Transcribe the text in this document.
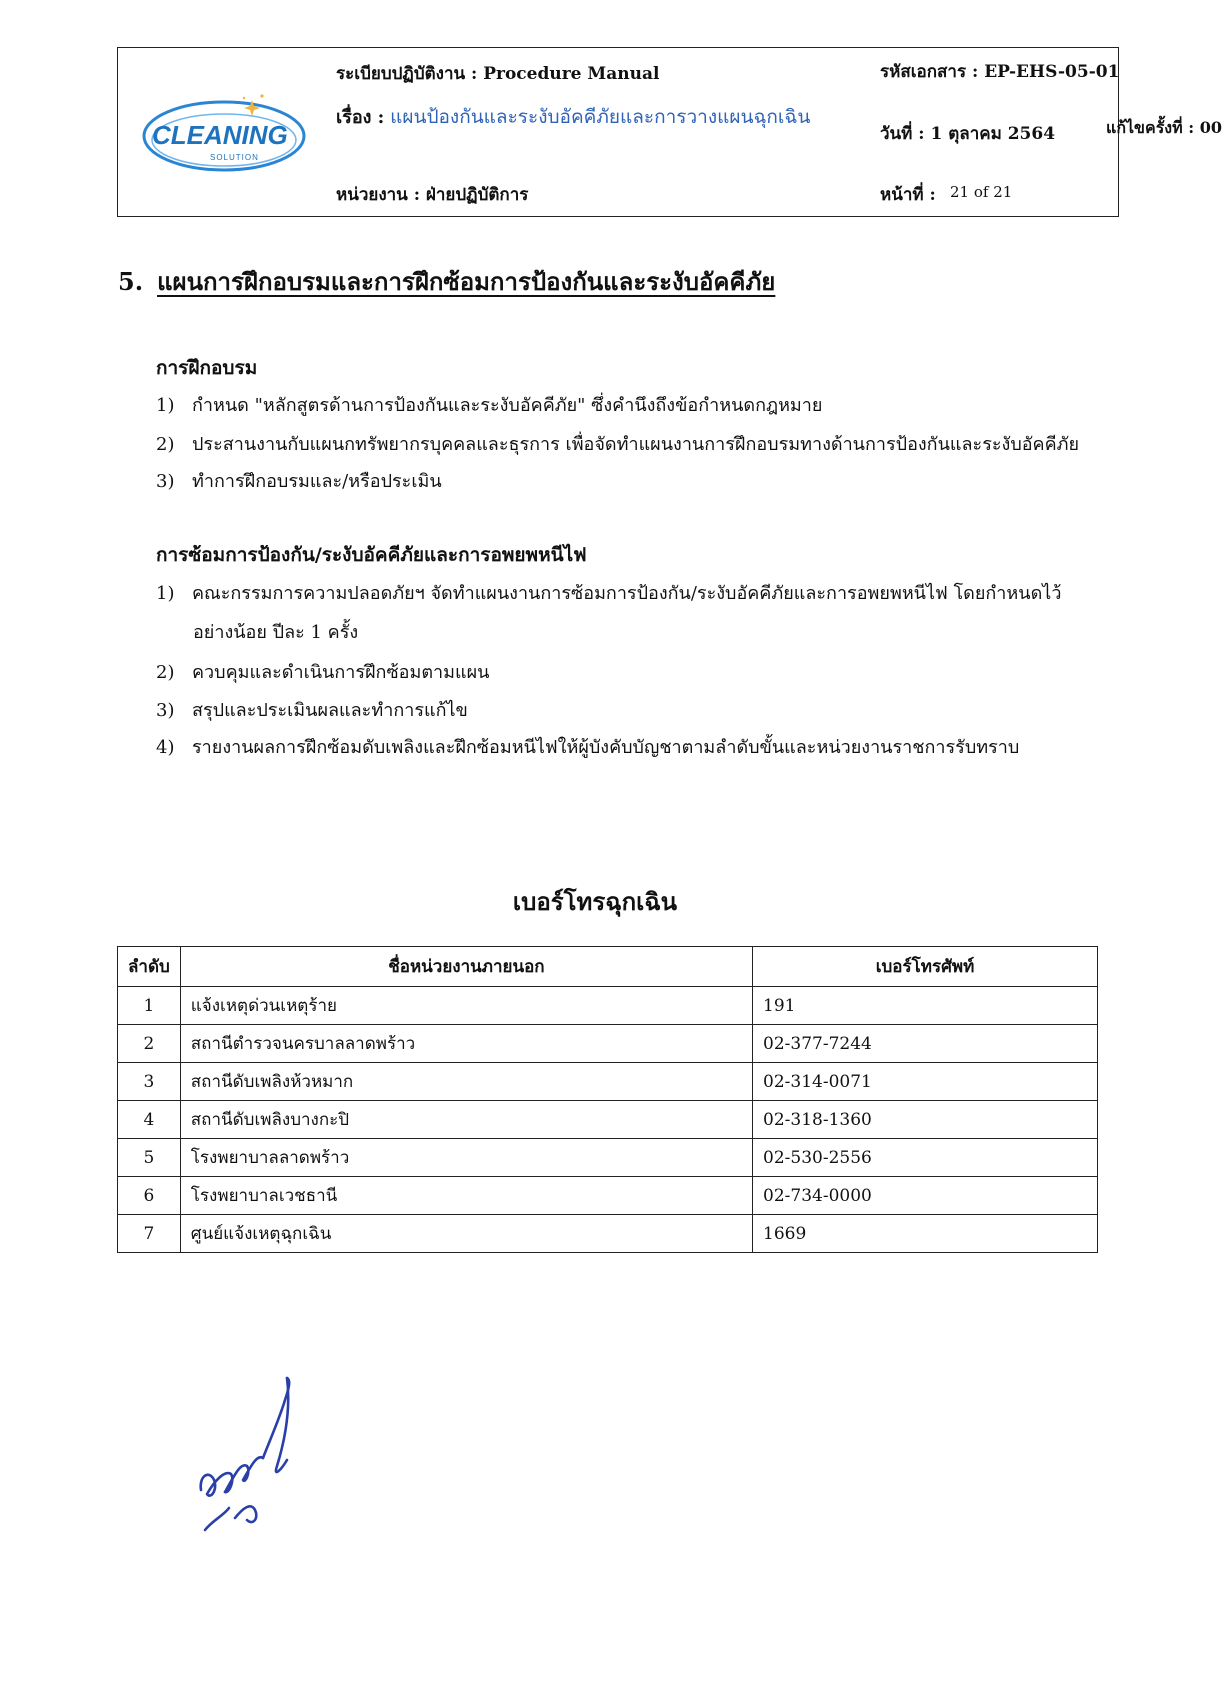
CLEANING
SOLUTION
ระเบียบปฏิบัติงาน : Procedure Manual	รหัสเอกสาร : EP-EHS-05-01
เรื่อง : แผนป้องกันและระงับอัคคีภัยและการวางแผนฉุกเฉิน
วันที่ : 1 ตุลาคม 2564	แก้ไขครั้งที่ : 00
หน่วยงาน : ฝ่ายปฏิบัติการ	หน้าที่ : 21 of 21
5. แผนการฝึกอบรมและการฝึกซ้อมการป้องกันและระงับอัคคีภัย
การฝึกอบรม
1) กำหนด "หลักสูตรด้านการป้องกันและระงับอัคคีภัย" ซึ่งคำนึงถึงข้อกำหนดกฎหมาย
2) ประสานงานกับแผนกทรัพยากรบุคคลและธุรการ เพื่อจัดทำแผนงานการฝึกอบรมทางด้านการป้องกันและระงับอัคคีภัย
3) ทำการฝึกอบรมและ/หรือประเมิน
การซ้อมการป้องกัน/ระงับอัคคีภัยและการอพยพหนีไฟ
1) คณะกรรมการความปลอดภัยฯ จัดทำแผนงานการซ้อมการป้องกัน/ระงับอัคคีภัยและการอพยพหนีไฟ โดยกำหนดไว้
อย่างน้อย ปีละ 1 ครั้ง
2) ควบคุมและดำเนินการฝึกซ้อมตามแผน
3) สรุปและประเมินผลและทำการแก้ไข
4) รายงานผลการฝึกซ้อมดับเพลิงและฝึกซ้อมหนีไฟให้ผู้บังคับบัญชาตามลำดับขั้นและหน่วยงานราชการรับทราบ
เบอร์โทรฉุกเฉิน
ลำดับ	ชื่อหน่วยงานภายนอก	เบอร์โทรศัพท์
1	แจ้งเหตุด่วนเหตุร้าย	191
2	สถานีตำรวจนครบาลลาดพร้าว	02-377-7244
3	สถานีดับเพลิงห้วหมาก	02-314-0071
4	สถานีดับเพลิงบางกะปิ	02-318-1360
5	โรงพยาบาลลาดพร้าว	02-530-2556
6	โรงพยาบาลเวชธานี	02-734-0000
7	ศูนย์แจ้งเหตุฉุกเฉิน	1669
